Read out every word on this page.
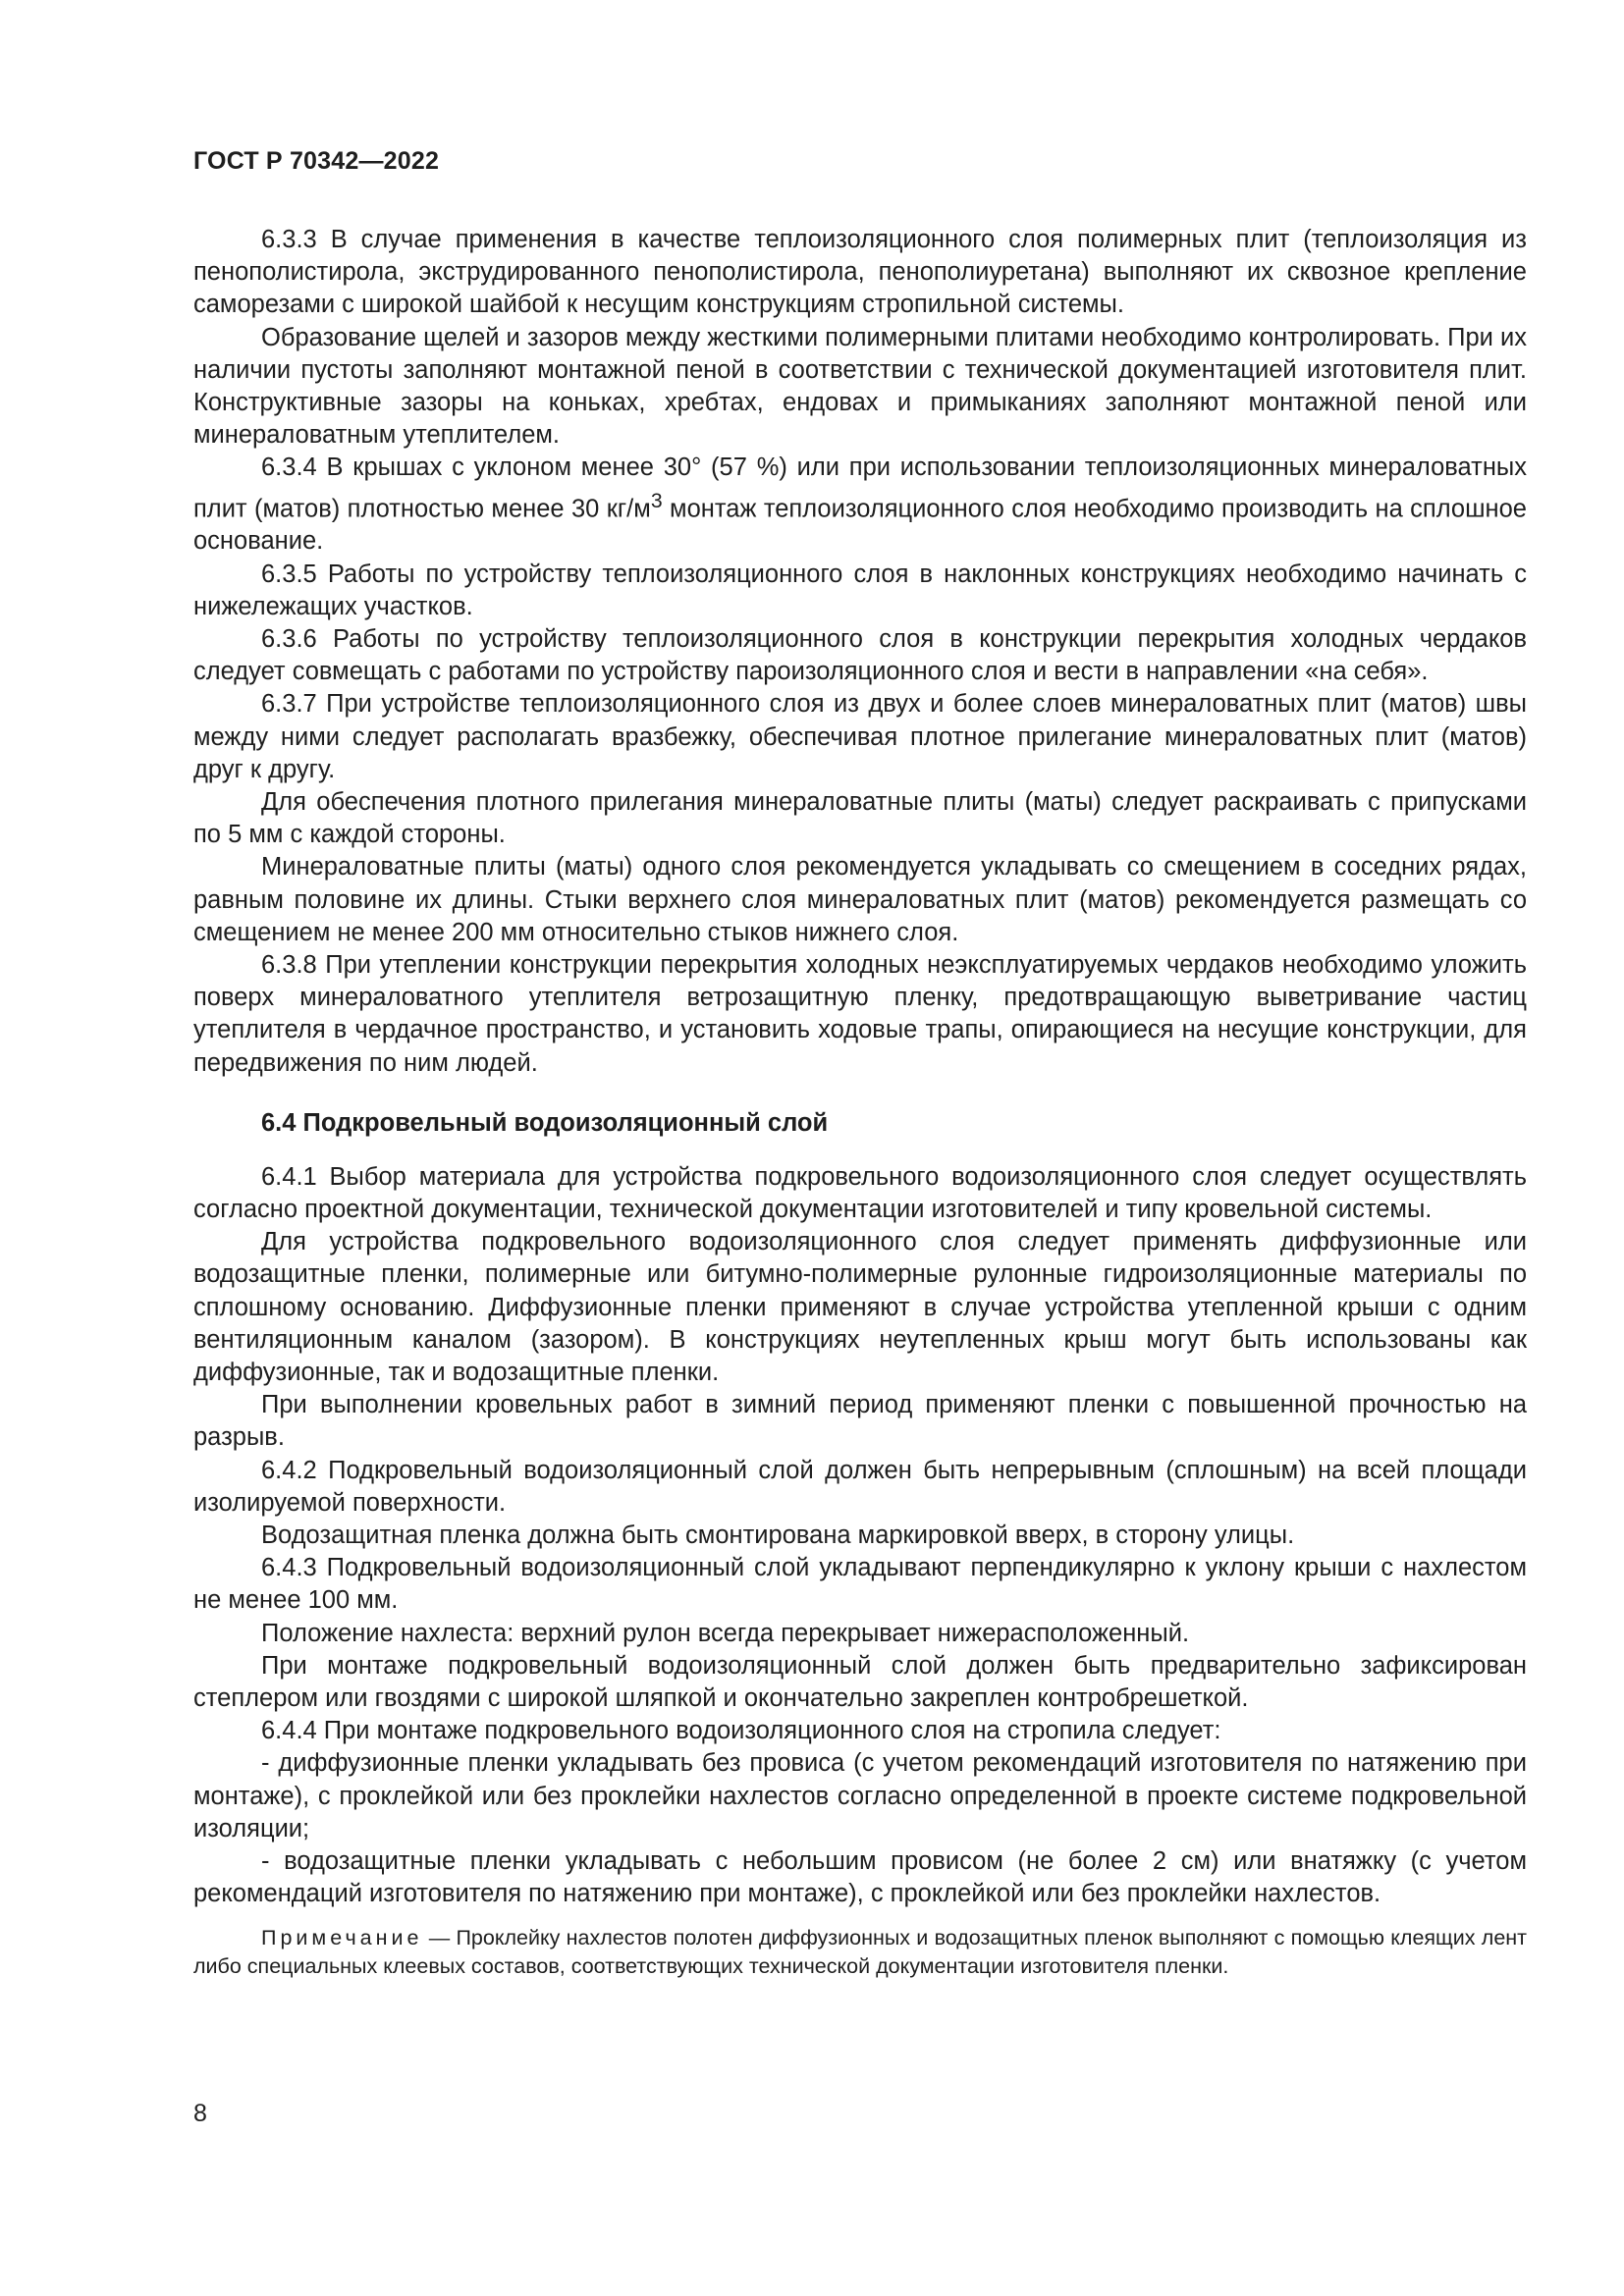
ГОСТ Р 70342—2022

6.3.3 В случае применения в качестве теплоизоляционного слоя полимерных плит (теплоизоляция из пенополистирола, экструдированного пенополистирола, пенополиуретана) выполняют их сквозное крепление саморезами с широкой шайбой к несущим конструкциям стропильной системы.

Образование щелей и зазоров между жесткими полимерными плитами необходимо контролировать. При их наличии пустоты заполняют монтажной пеной в соответствии с технической документацией изготовителя плит. Конструктивные зазоры на коньках, хребтах, ендовах и примыканиях заполняют монтажной пеной или минераловатным утеплителем.

6.3.4 В крышах с уклоном менее 30° (57 %) или при использовании теплоизоляционных минераловатных плит (матов) плотностью менее 30 $кг/м^3$ монтаж теплоизоляционного слоя необходимо производить на сплошное основание.

6.3.5 Работы по устройству теплоизоляционного слоя в наклонных конструкциях необходимо начинать с нижележащих участков.

6.3.6 Работы по устройству теплоизоляционного слоя в конструкции перекрытия холодных чердаков следует совмещать с работами по устройству пароизоляционного слоя и вести в направлении «на себя».

6.3.7 При устройстве теплоизоляционного слоя из двух и более слоев минераловатных плит (матов) швы между ними следует располагать вразбежку, обеспечивая плотное прилегание минераловатных плит (матов) друг к другу.

Для обеспечения плотного прилегания минераловатные плиты (маты) следует раскраивать с припусками по 5 мм с каждой стороны.

Минераловатные плиты (маты) одного слоя рекомендуется укладывать со смещением в соседних рядах, равным половине их длины. Стыки верхнего слоя минераловатных плит (матов) рекомендуется размещать со смещением не менее 200 мм относительно стыков нижнего слоя.

6.3.8 При утеплении конструкции перекрытия холодных неэксплуатируемых чердаков необходимо уложить поверх минераловатного утеплителя ветрозащитную пленку, предотвращающую выветривание частиц утеплителя в чердачное пространство, и установить ходовые трапы, опирающиеся на несущие конструкции, для передвижения по ним людей.

6.4 Подкровельный водоизоляционный слой

6.4.1 Выбор материала для устройства подкровельного водоизоляционного слоя следует осуществлять согласно проектной документации, технической документации изготовителей и типу кровельной системы.

Для устройства подкровельного водоизоляционного слоя следует применять диффузионные или водозащитные пленки, полимерные или битумно-полимерные рулонные гидроизоляционные материалы по сплошному основанию. Диффузионные пленки применяют в случае устройства утепленной крыши с одним вентиляционным каналом (зазором). В конструкциях неутепленных крыш могут быть использованы как диффузионные, так и водозащитные пленки.

При выполнении кровельных работ в зимний период применяют пленки с повышенной прочностью на разрыв.

6.4.2 Подкровельный водоизоляционный слой должен быть непрерывным (сплошным) на всей площади изолируемой поверхности.

Водозащитная пленка должна быть смонтирована маркировкой вверх, в сторону улицы.

6.4.3 Подкровельный водоизоляционный слой укладывают перпендикулярно к уклону крыши с нахлестом не менее 100 мм.

Положение нахлеста: верхний рулон всегда перекрывает нижерасположенный.

При монтаже подкровельный водоизоляционный слой должен быть предварительно зафиксирован степлером или гвоздями с широкой шляпкой и окончательно закреплен контробрешеткой.

6.4.4 При монтаже подкровельного водоизоляционного слоя на стропила следует:

- диффузионные пленки укладывать без провиса (с учетом рекомендаций изготовителя по натяжению при монтаже), с проклейкой или без проклейки нахлестов согласно определенной в проекте системе подкровельной изоляции;

- водозащитные пленки укладывать с небольшим провисом (не более 2 см) или внатяжку (с учетом рекомендаций изготовителя по натяжению при монтаже), с проклейкой или без проклейки нахлестов.

Примечание — Проклейку нахлестов полотен диффузионных и водозащитных пленок выполняют с помощью клеящих лент либо специальных клеевых составов, соответствующих технической документации изготовителя пленки.

8
